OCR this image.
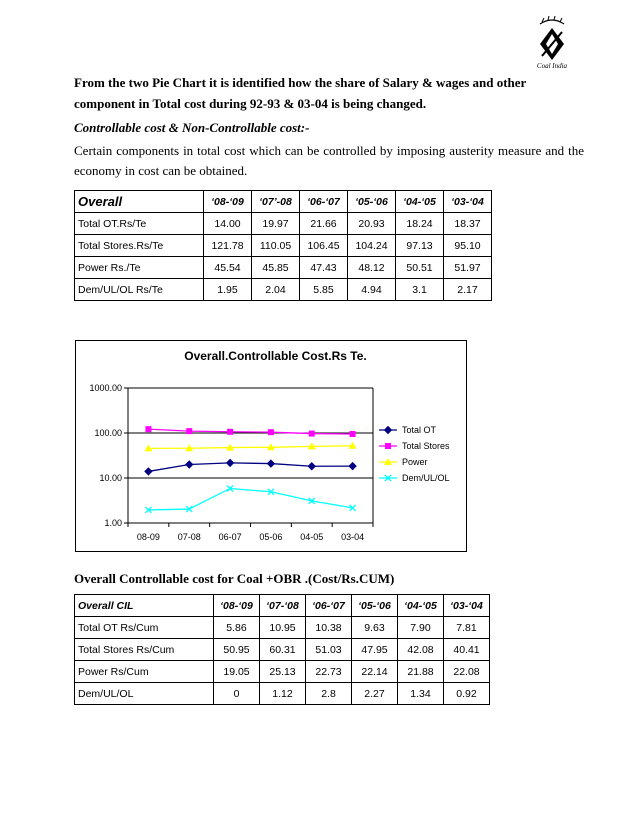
Coal India
From the two Pie Chart it is identified how the share of Salary & wages and other component in Total cost during 92-93 & 03-04 is being changed.
Controllable cost & Non-Controllable cost:-
Certain components in total cost which can be controlled by imposing austerity measure and the economy in cost can be obtained.
Overall	‘08-‘09	‘07’-08	‘06-‘07	‘05-‘06	‘04-‘05	‘03-‘04
Total OT.Rs/Te	14.00	19.97	21.66	20.93	18.24	18.37
Total Stores.Rs/Te	121.78	110.05	106.45	104.24	97.13	95.10
Power Rs./Te	45.54	45.85	47.43	48.12	50.51	51.97
Dem/UL/OL Rs/Te	1.95	2.04	5.85	4.94	3.1	2.17
Overall.Controllable Cost.Rs Te.
1.00
10.00
100.00
1000.00
08-09 07-08 06-07 05-06 04-05 03-04
Total OT
Total Stores
Power
Dem/UL/OL
Overall Controllable cost for Coal +OBR .(Cost/Rs.CUM)
Overall CIL	‘08-‘09	‘07-‘08	‘06-‘07	‘05-‘06	‘04-‘05	‘03-‘04
Total OT Rs/Cum	5.86	10.95	10.38	9.63	7.90	7.81
Total Stores Rs/Cum	50.95	60.31	51.03	47.95	42.08	40.41
Power Rs/Cum	19.05	25.13	22.73	22.14	21.88	22.08
Dem/UL/OL	0	1.12	2.8	2.27	1.34	0.92
